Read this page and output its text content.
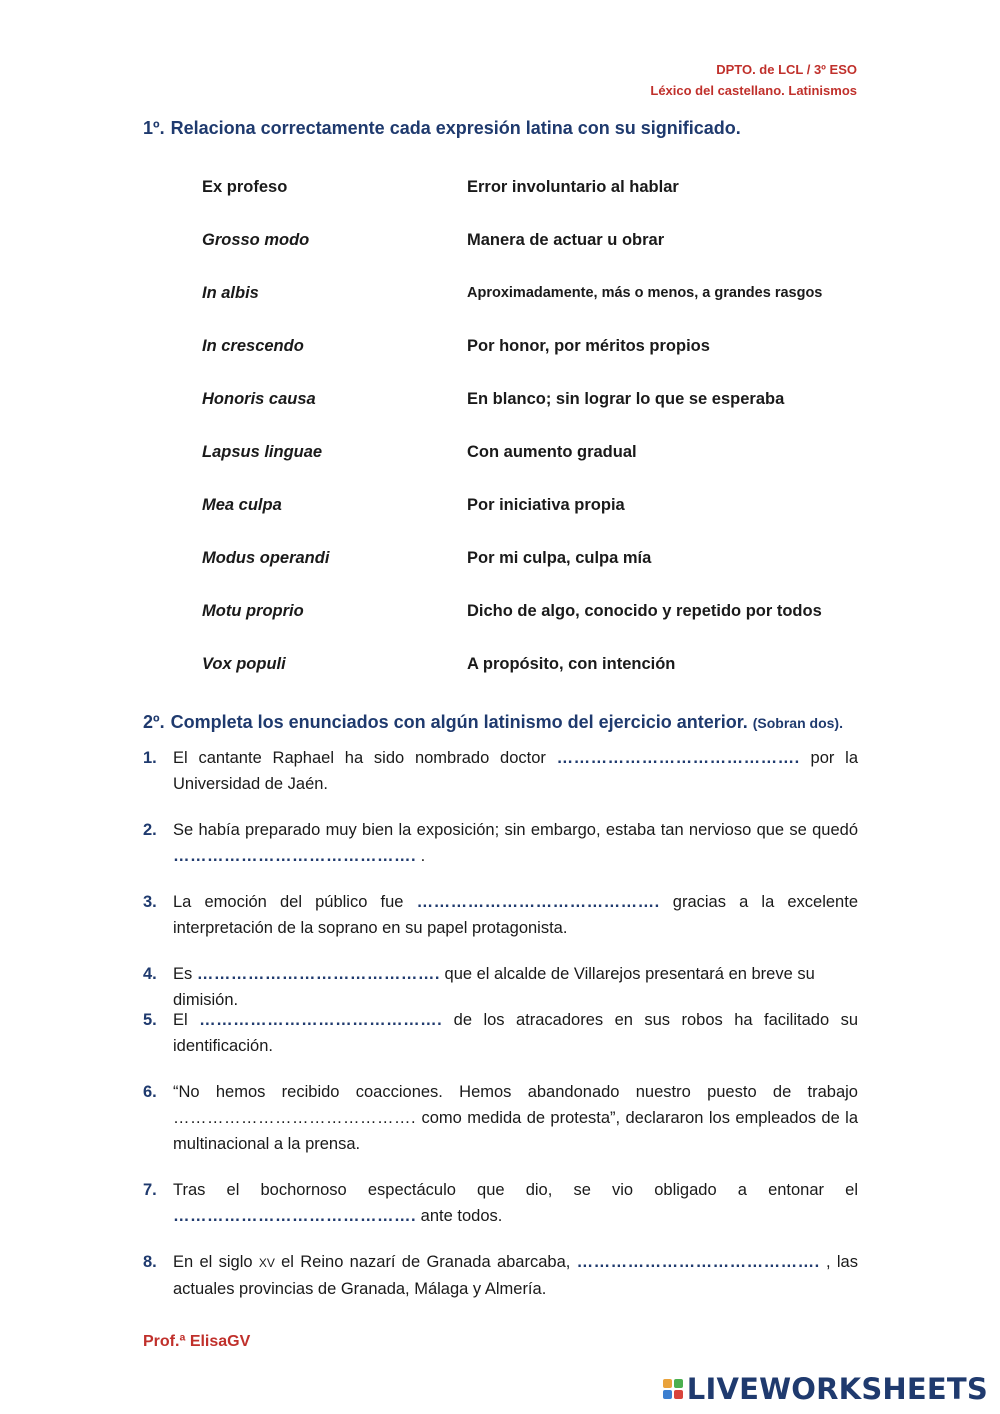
DPTO. de LCL / 3º ESO
Léxico del castellano. Latinismos
1º. Relaciona correctamente cada expresión latina con su significado.
Ex profeso	Error involuntario al hablar
Grosso modo	Manera de actuar u obrar
In albis	Aproximadamente, más o menos, a grandes rasgos
In crescendo	Por honor, por méritos propios
Honoris causa	En blanco; sin lograr lo que se esperaba
Lapsus linguae	Con aumento gradual
Mea culpa	Por iniciativa propia
Modus operandi	Por mi culpa, culpa mía
Motu proprio	Dicho de algo, conocido y repetido por todos
Vox populi	A propósito, con intención
2º. Completa los enunciados con algún latinismo del ejercicio anterior. (Sobran dos).
1. El cantante Raphael ha sido nombrado doctor ……………………………………. por la Universidad de Jaén.
2. Se había preparado muy bien la exposición; sin embargo, estaba tan nervioso que se quedó ……………………………………. .
3. La emoción del público fue ……………………………………. gracias a la excelente interpretación de la soprano en su papel protagonista.
4. Es ……………………………………. que el alcalde de Villarejos presentará en breve su dimisión.
5. El ……………………………………. de los atracadores en sus robos ha facilitado su identificación.
6. “No hemos recibido coacciones. Hemos abandonado nuestro puesto de trabajo ……………………………………. como medida de protesta”, declararon los empleados de la multinacional a la prensa.
7. Tras el bochornoso espectáculo que dio, se vio obligado a entonar el ……………………………………. ante todos.
8. En el siglo XV el Reino nazarí de Granada abarcaba, ……………………………………. , las actuales provincias de Granada, Málaga y Almería.
Prof.ª ElisaGV
LIVEWORKSHEETS
